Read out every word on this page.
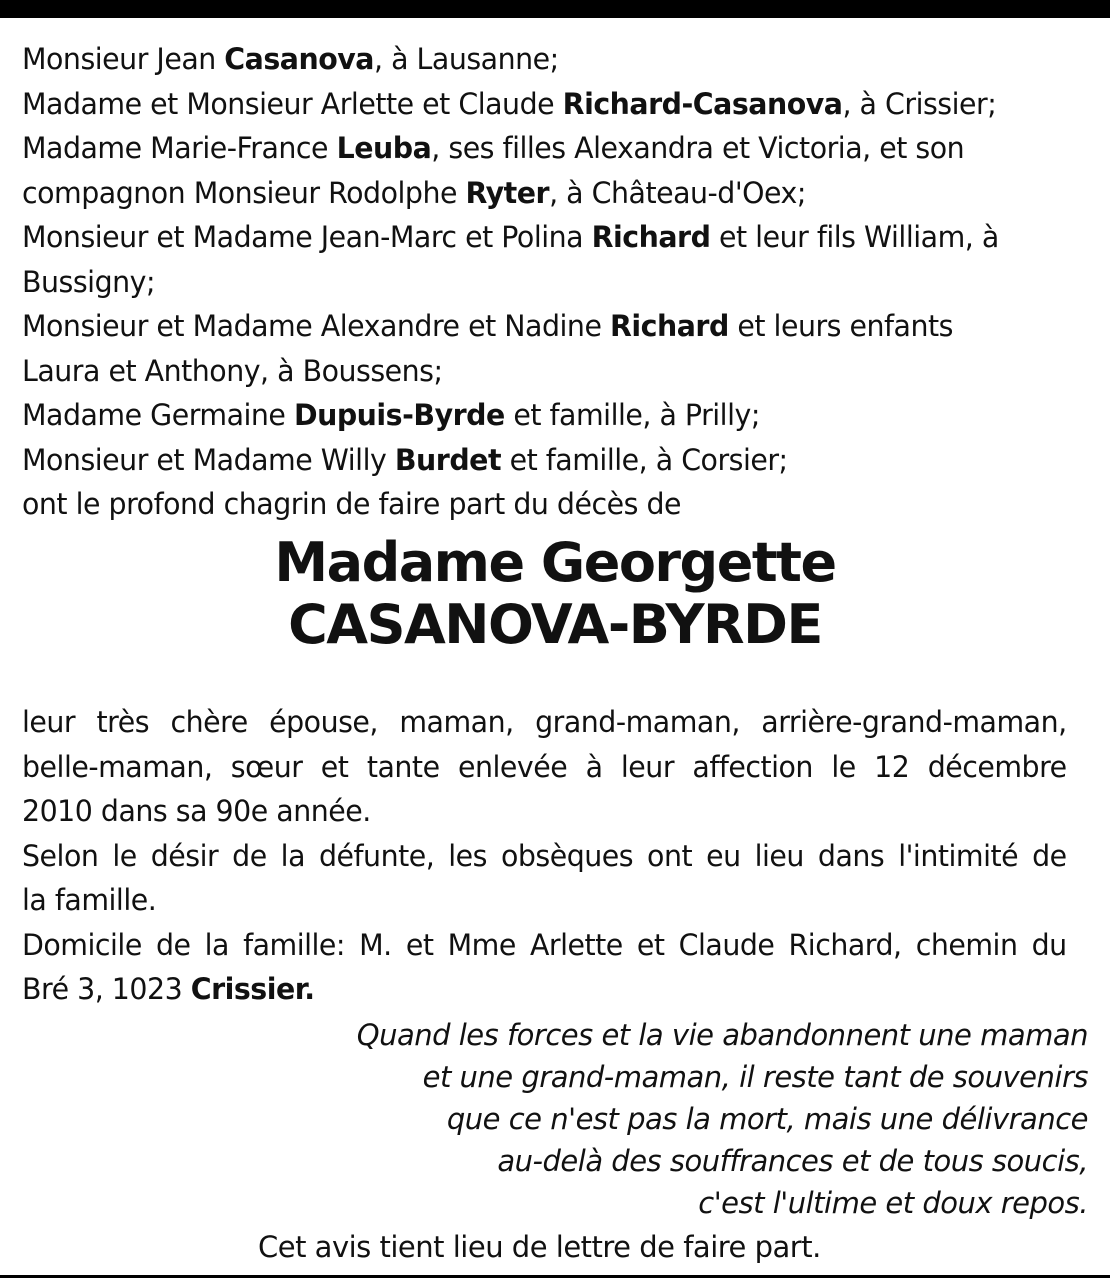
Monsieur Jean Casanova, à Lausanne;
Madame et Monsieur Arlette et Claude Richard-Casanova, à Crissier;
Madame Marie-France Leuba, ses filles Alexandra et Victoria, et son
compagnon Monsieur Rodolphe Ryter, à Château-d'Oex;
Monsieur et Madame Jean-Marc et Polina Richard et leur fils William, à
Bussigny;
Monsieur et Madame Alexandre et Nadine Richard et leurs enfants
Laura et Anthony, à Boussens;
Madame Germaine Dupuis-Byrde et famille, à Prilly;
Monsieur et Madame Willy Burdet et famille, à Corsier;
ont le profond chagrin de faire part du décès de
Madame Georgette
CASANOVA-BYRDE
leur très chère épouse, maman, grand-maman, arrière-grand-maman,
belle-maman, sœur et tante enlevée à leur affection le 12 décembre
2010 dans sa 90e année.
Selon le désir de la défunte, les obsèques ont eu lieu dans l'intimité de
la famille.
Domicile de la famille: M. et Mme Arlette et Claude Richard, chemin du
Bré 3, 1023 Crissier.
Quand les forces et la vie abandonnent une maman
et une grand-maman, il reste tant de souvenirs
que ce n'est pas la mort, mais une délivrance
au-delà des souffrances et de tous soucis,
c'est l'ultime et doux repos.
Cet avis tient lieu de lettre de faire part.
